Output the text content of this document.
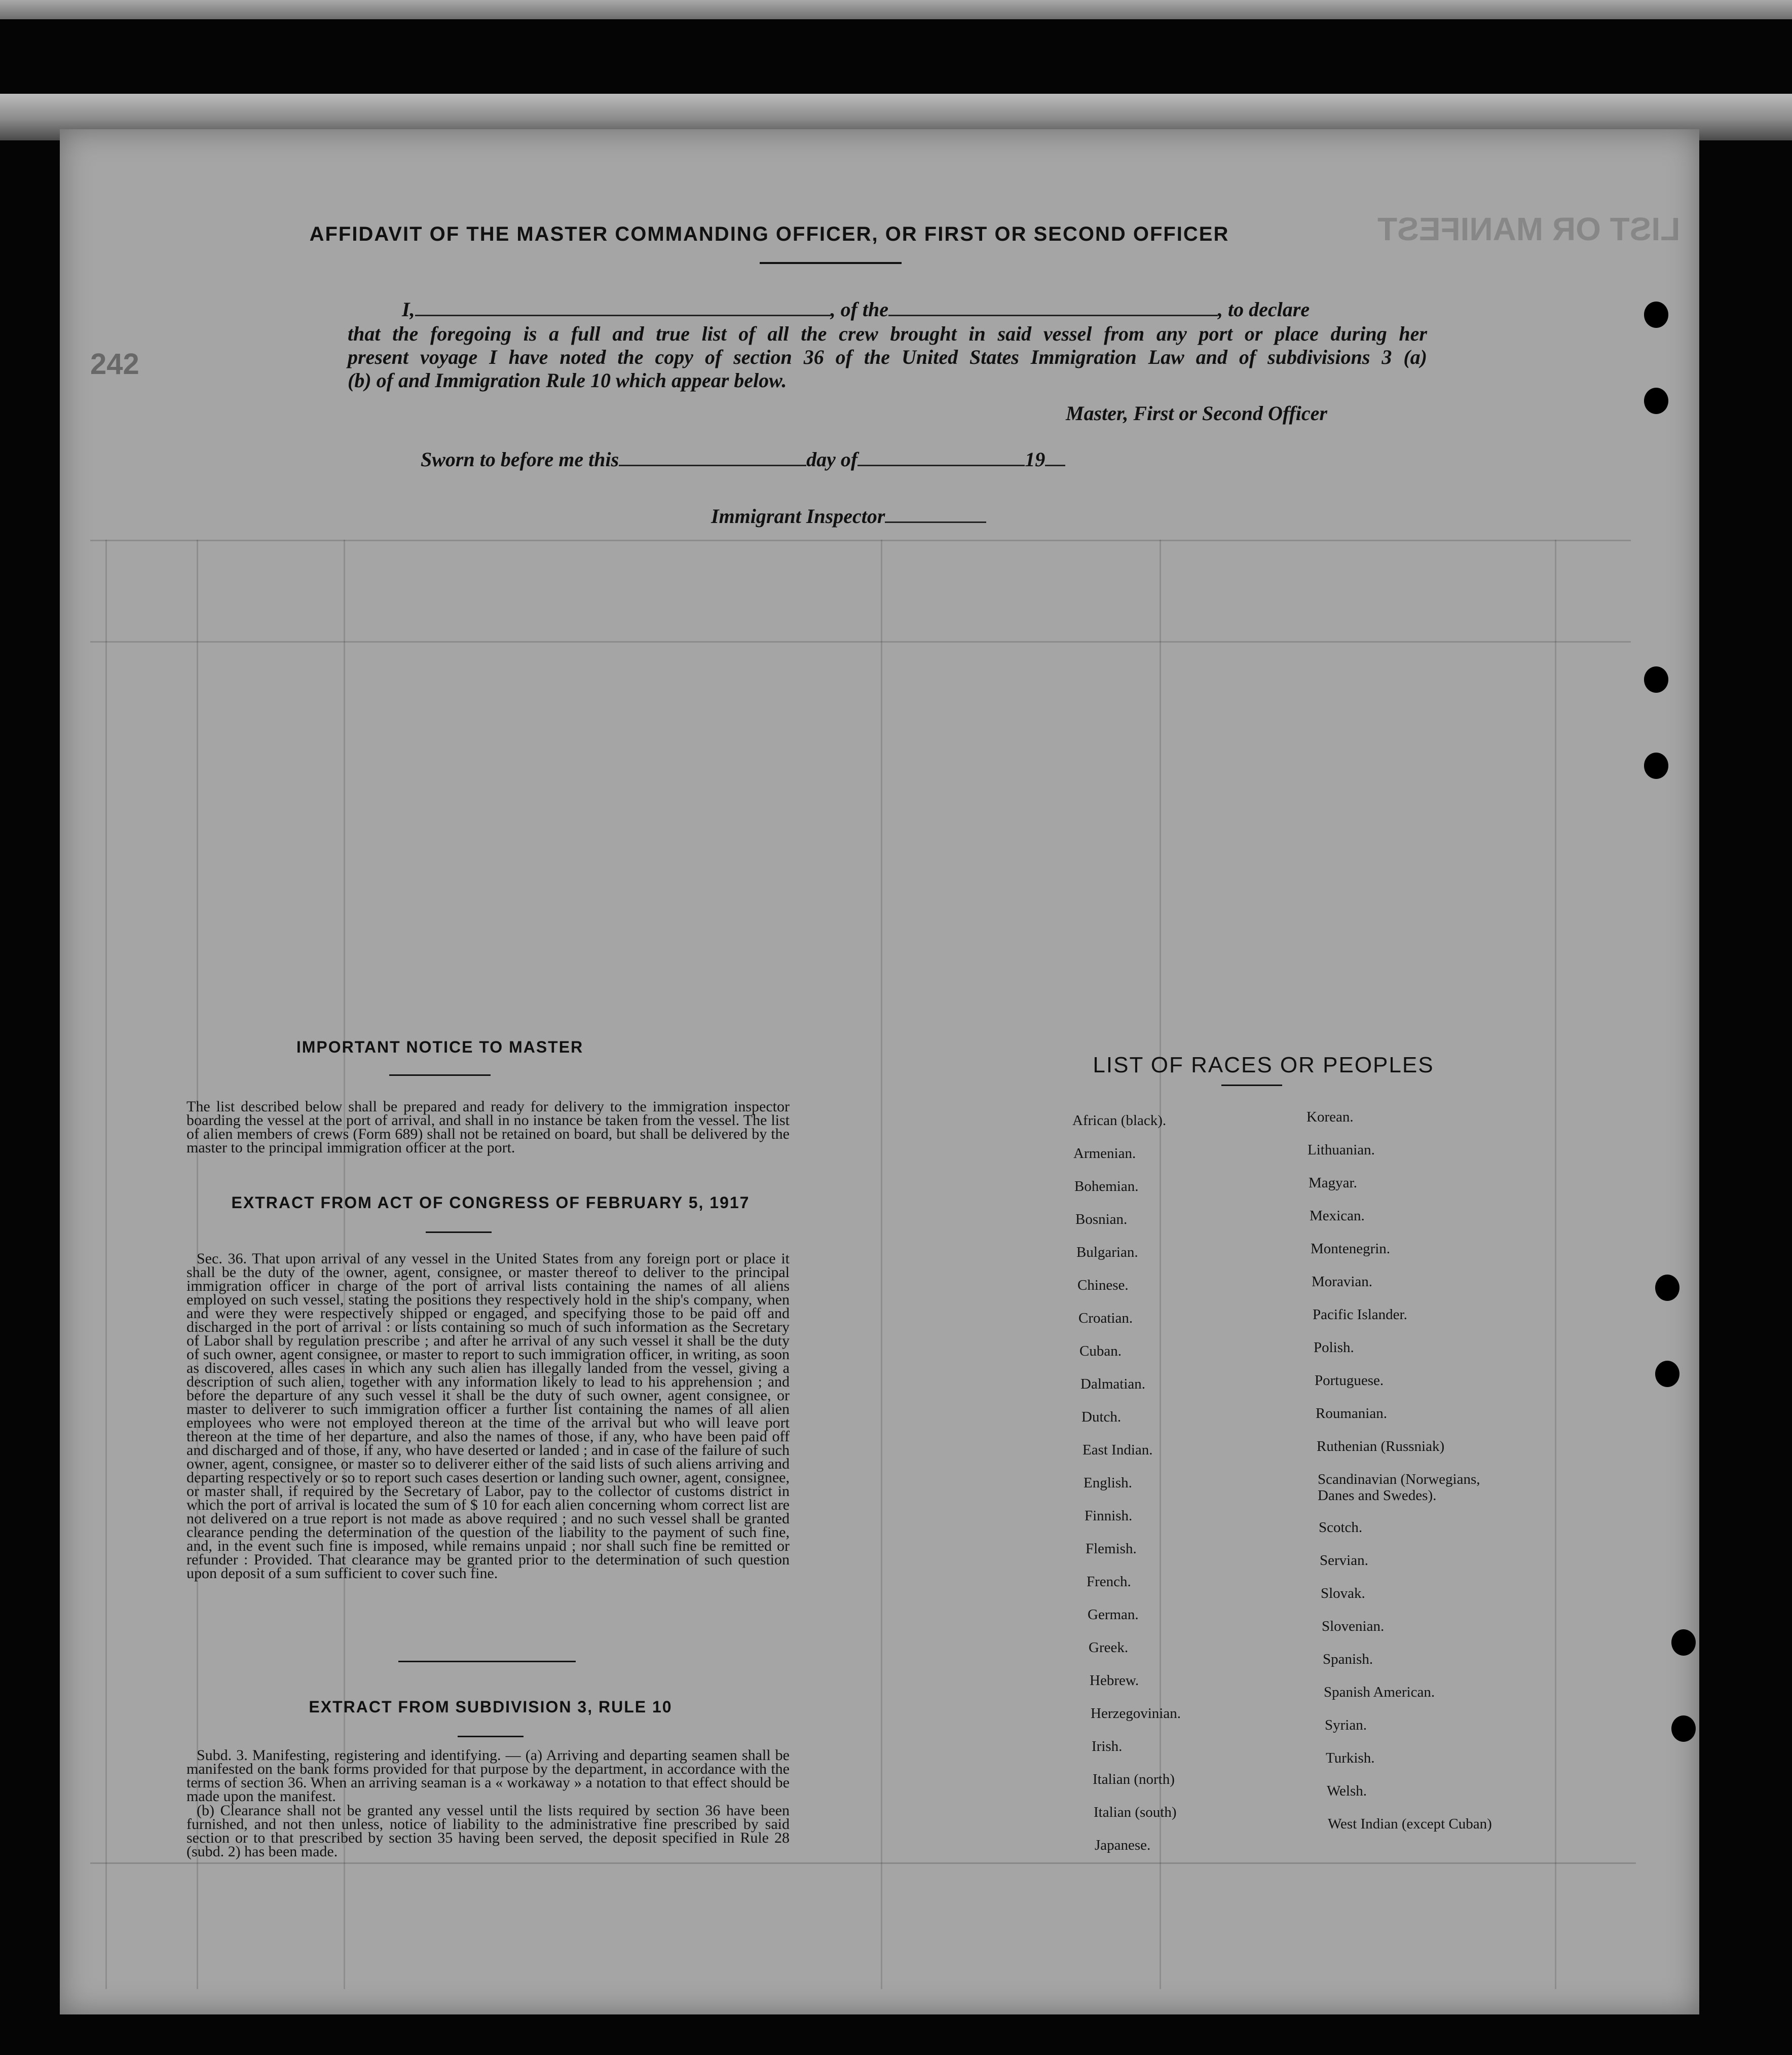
LIST OR MANIFEST
242
AFFIDAVIT OF THE MASTER COMMANDING OFFICER, OR FIRST OR SECOND OFFICER
I,	, of the	, to declare
that the foregoing is a full and true list of all the crew brought in said vessel from any port or place during her
present voyage I have noted the copy of section 36 of the United States Immigration Law and of subdivisions 3 (a)
(b) of and Immigration Rule 10 which appear below.
Master, First or Second Officer
Sworn to before me this	day of	19
Immigrant Inspector
IMPORTANT NOTICE TO MASTER
The list described below shall be prepared and ready for delivery to the immigration inspector boarding the vessel at the port of arrival, and shall in no instance be taken from the vessel. The list of alien members of crews (Form 689) shall not be retained on board, but shall be delivered by the master to the principal immigration officer at the port.
EXTRACT FROM ACT OF CONGRESS OF FEBRUARY 5, 1917
Sec. 36. That upon arrival of any vessel in the United States from any foreign port or place it shall be the duty of the owner, agent, consignee, or master thereof to deliver to the principal immigration officer in charge of the port of arrival lists containing the names of all aliens employed on such vessel, stating the positions they respectively hold in the ship's company, when and were they were respectively shipped or engaged, and specifying those to be paid off and discharged in the port of arrival : or lists containing so much of such information as the Secretary of Labor shall by regulation prescribe ; and after he arrival of any such vessel it shall be the duty of such owner, agent consignee, or master to report to such immigration officer, in writing, as soon as discovered, alles cases in which any such alien has illegally landed from the vessel, giving a description of such alien, together with any information likely to lead to his apprehension ; and before the departure of any such vessel it shall be the duty of such owner, agent consignee, or master to deliverer to such immigration officer a further list containing the names of all alien employees who were not employed thereon at the time of the arrival but who will leave port thereon at the time of her departure, and also the names of those, if any, who have been paid off and discharged and of those, if any, who have deserted or landed ; and in case of the failure of such owner, agent, consignee, or master so to deliverer either of the said lists of such aliens arriving and departing respectively or so to report such cases desertion or landing such owner, agent, consignee, or master shall, if required by the Secretary of Labor, pay to the collector of customs district in which the port of arrival is located the sum of $ 10 for each alien concerning whom correct list are not delivered on a true report is not made as above required ; and no such vessel shall be granted clearance pending the determination of the question of the liability to the payment of such fine, and, in the event such fine is imposed, while remains unpaid ; nor shall such fine be remitted or refunder : Provided. That clearance may be granted prior to the determination of such question upon deposit of a sum sufficient to cover such fine.
EXTRACT FROM SUBDIVISION 3, RULE 10
Subd. 3. Manifesting, registering and identifying. — (a) Arriving and departing seamen shall be manifested on the bank forms provided for that purpose by the department, in accordance with the terms of section 36. When an arriving seaman is a « workaway » a notation to that effect should be made upon the manifest.
(b) Clearance shall not be granted any vessel until the lists required by section 36 have been furnished, and not then unless, notice of liability to the administrative fine prescribed by said section or to that prescribed by section 35 having been served, the deposit specified in Rule 28 (subd. 2) has been made.
LIST OF RACES OR PEOPLES
African (black).
Armenian.
Bohemian.
Bosnian.
Bulgarian.
Chinese.
Croatian.
Cuban.
Dalmatian.
Dutch.
East Indian.
English.
Finnish.
Flemish.
French.
German.
Greek.
Hebrew.
Herzegovinian.
Irish.
Italian (north)
Italian (south)
Japanese.
Korean.
Lithuanian.
Magyar.
Mexican.
Montenegrin.
Moravian.
Pacific Islander.
Polish.
Portuguese.
Roumanian.
Ruthenian (Russniak)
Scandinavian (Norwegians, Danes and Swedes).
Scotch.
Servian.
Slovak.
Slovenian.
Spanish.
Spanish American.
Syrian.
Turkish.
Welsh.
West Indian (except Cuban)
